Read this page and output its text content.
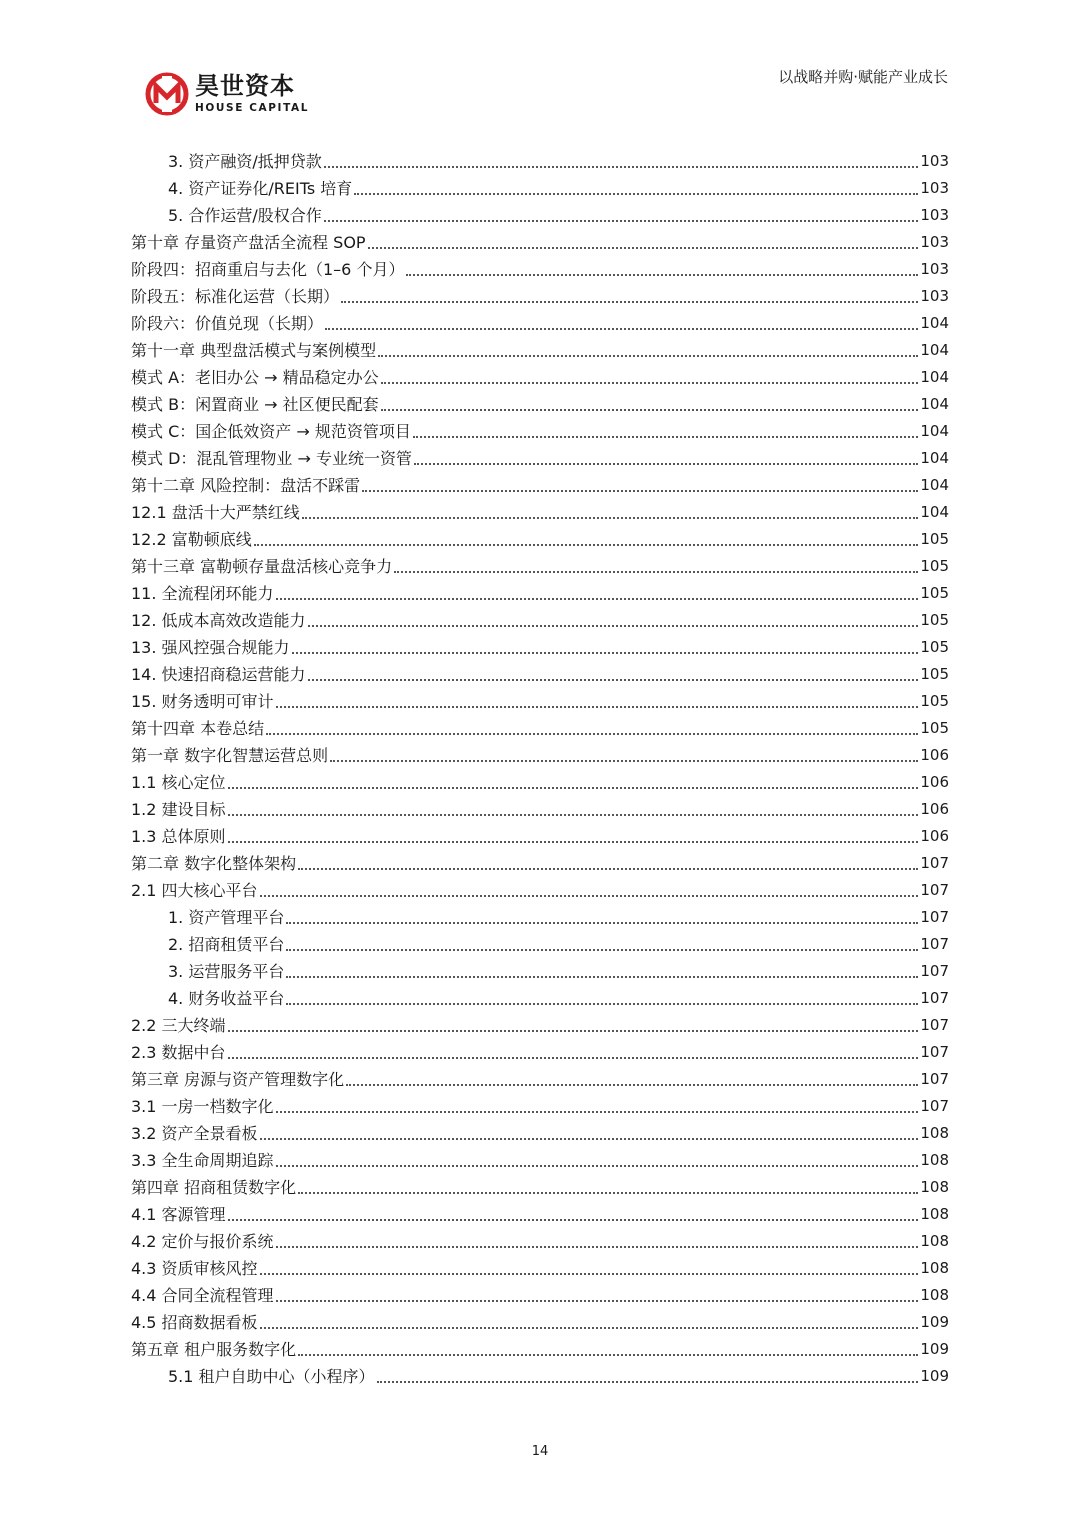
昊世资本
HOUSE CAPITAL
以战略并购·赋能产业成长
3. 资产融资/抵押贷款	103
4. 资产证券化/REITs 培育	103
5. 合作运营/股权合作	103
第十章 存量资产盘活全流程 SOP	103
阶段四：招商重启与去化（1–6 个月）	103
阶段五：标准化运营（长期）	103
阶段六：价值兑现（长期）	104
第十一章 典型盘活模式与案例模型	104
模式 A：老旧办公 → 精品稳定办公	104
模式 B：闲置商业 → 社区便民配套	104
模式 C：国企低效资产 → 规范资管项目	104
模式 D：混乱管理物业 → 专业统一资管	104
第十二章 风险控制：盘活不踩雷	104
12.1 盘活十大严禁红线	104
12.2 富勒顿底线	105
第十三章 富勒顿存量盘活核心竞争力	105
11. 全流程闭环能力	105
12. 低成本高效改造能力	105
13. 强风控强合规能力	105
14. 快速招商稳运营能力	105
15. 财务透明可审计	105
第十四章 本卷总结	105
第一章 数字化智慧运营总则	106
1.1 核心定位	106
1.2 建设目标	106
1.3 总体原则	106
第二章 数字化整体架构	107
2.1 四大核心平台	107
1. 资产管理平台	107
2. 招商租赁平台	107
3. 运营服务平台	107
4. 财务收益平台	107
2.2 三大终端	107
2.3 数据中台	107
第三章 房源与资产管理数字化	107
3.1 一房一档数字化	107
3.2 资产全景看板	108
3.3 全生命周期追踪	108
第四章 招商租赁数字化	108
4.1 客源管理	108
4.2 定价与报价系统	108
4.3 资质审核风控	108
4.4 合同全流程管理	108
4.5 招商数据看板	109
第五章 租户服务数字化	109
5.1 租户自助中心（小程序）	109
14
